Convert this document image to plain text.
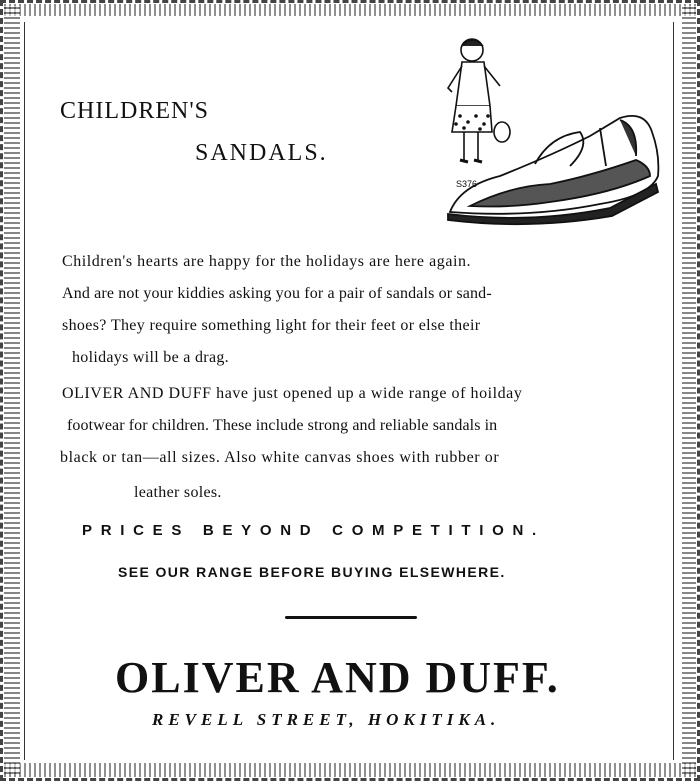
CHILDREN'S
SANDALS.
S376
Children's hearts are happy for the holidays are here again.
And are not your kiddies asking you for a pair of sandals or sand-
shoes? They require something light for their feet or else their
holidays will be a drag.
OLIVER AND DUFF have just opened up a wide range of hoilday
footwear for children. These include strong and reliable sandals in
black or tan—all sizes. Also white canvas shoes with rubber or
leather soles.
PRICES BEYOND COMPETITION.
SEE OUR RANGE BEFORE BUYING ELSEWHERE.
OLIVER AND DUFF.
REVELL STREET, HOKITIKA.
